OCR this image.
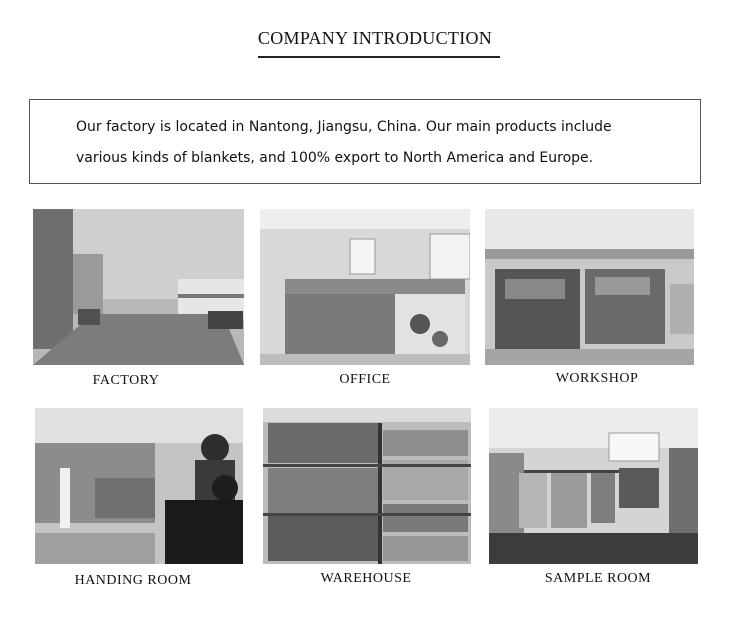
COMPANY INTRODUCTION
Our factory is located in Nantong, Jiangsu, China. Our main products include
various kinds of blankets, and 100% export to North America and Europe.
FACTORY	OFFICE	WORKSHOP
HANDING ROOM	WAREHOUSE	SAMPLE ROOM
